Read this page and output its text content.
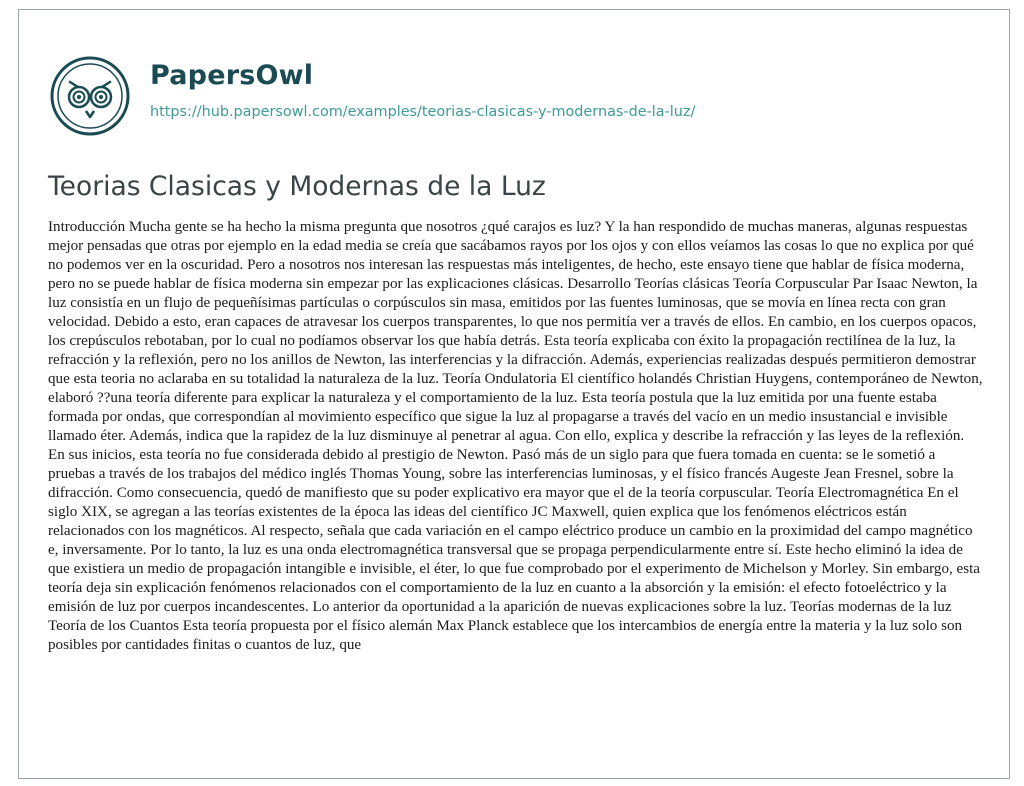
PapersOwl
https://hub.papersowl.com/examples/teorias-clasicas-y-modernas-de-la-luz/
Teorias Clasicas y Modernas de la Luz

Introducción Mucha gente se ha hecho la misma pregunta que nosotros ¿qué carajos es luz? Y la han respondido de muchas maneras, algunas respuestas mejor pensadas que otras por ejemplo en la edad media se creía que sacábamos rayos por los ojos y con ellos veíamos las cosas lo que no explica por qué no podemos ver en la oscuridad. Pero a nosotros nos interesan las respuestas más inteligentes, de hecho, este ensayo tiene que hablar de física moderna, pero no se puede hablar de física moderna sin empezar por las explicaciones clásicas. Desarrollo Teorías clásicas Teoría Corpuscular Par Isaac Newton, la luz consistía en un flujo de pequeñísimas partículas o corpúsculos sin masa, emitidos por las fuentes luminosas, que se movía en línea recta con gran velocidad. Debido a esto, eran capaces de atravesar los cuerpos transparentes, lo que nos permitía ver a través de ellos. En cambio, en los cuerpos opacos, los crepúsculos rebotaban, por lo cual no podíamos observar los que había detrás. Esta teoría explicaba con éxito la propagación rectilínea de la luz, la refracción y la reflexión, pero no los anillos de Newton, las interferencias y la difracción. Además, experiencias realizadas después permitieron demostrar que esta teoria no aclaraba en su totalidad la naturaleza de la luz. Teoría Ondulatoria El científico holandés Christian Huygens, contemporáneo de Newton, elaboró ??una teoría diferente para explicar la naturaleza y el comportamiento de la luz. Esta teoría postula que la luz emitida por una fuente estaba formada por ondas, que correspondían al movimiento específico que sigue la luz al propagarse a través del vacío en un medio insustancial e invisible llamado éter. Además, indica que la rapidez de la luz disminuye al penetrar al agua. Con ello, explica y describe la refracción y las leyes de la reflexión. En sus inicios, esta teoría no fue considerada debido al prestigio de Newton. Pasó más de un siglo para que fuera tomada en cuenta: se le sometió a pruebas a través de los trabajos del médico inglés Thomas Young, sobre las interferencias luminosas, y el físico francés Augeste Jean Fresnel, sobre la difracción. Como consecuencia, quedó de manifiesto que su poder explicativo era mayor que el de la teoría corpuscular. Teoría Electromagnética En el siglo XIX, se agregan a las teorías existentes de la época las ideas del científico JC Maxwell, quien explica que los fenómenos eléctricos están relacionados con los magnéticos. Al respecto, señala que cada variación en el campo eléctrico produce un cambio en la proximidad del campo magnético e, inversamente. Por lo tanto, la luz es una onda electromagnética transversal que se propaga perpendicularmente entre sí. Este hecho eliminó la idea de que existiera un medio de propagación intangible e invisible, el éter, lo que fue comprobado por el experimento de Michelson y Morley. Sin embargo, esta teoría deja sin explicación fenómenos relacionados con el comportamiento de la luz en cuanto a la absorción y la emisión: el efecto fotoeléctrico y la emisión de luz por cuerpos incandescentes. Lo anterior da oportunidad a la aparición de nuevas explicaciones sobre la luz. Teorías modernas de la luz Teoría de los Cuantos Esta teoría propuesta por el físico alemán Max Planck establece que los intercambios de energía entre la materia y la luz solo son posibles por cantidades finitas o cuantos de luz, que
